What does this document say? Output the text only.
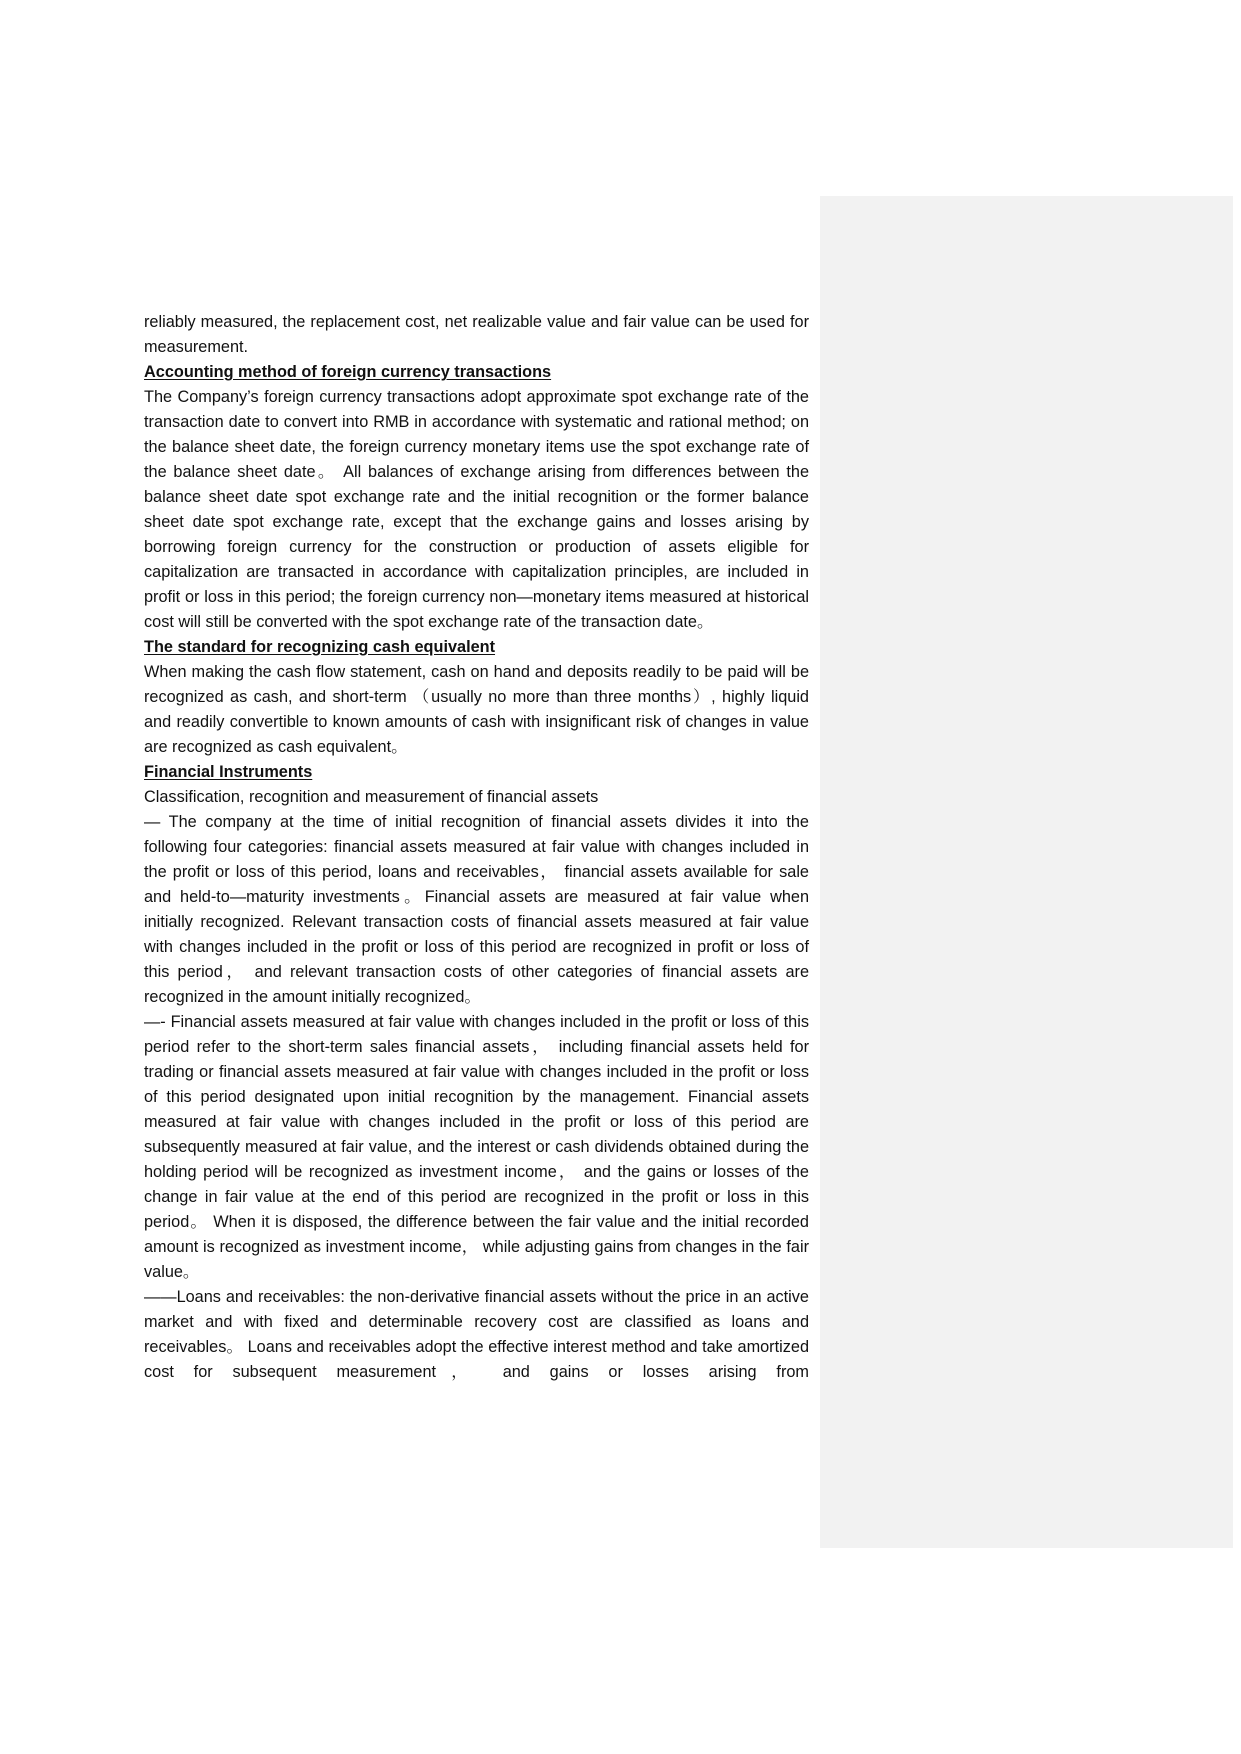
reliably measured, the replacement cost, net realizable value and fair value can be used for measurement.

Accounting method of foreign currency transactions

The Company’s foreign currency transactions adopt approximate spot exchange rate of the transaction date to convert into RMB in accordance with systematic and rational method; on the balance sheet date, the foreign currency monetary items use the spot exchange rate of the balance sheet date。 All balances of exchange arising from differences between the balance sheet date spot exchange rate and the initial recognition or the former balance sheet date spot exchange rate, except that the exchange gains and losses arising by borrowing foreign currency for the construction or production of assets eligible for capitalization are transacted in accordance with capitalization principles, are included in profit or loss in this period; the foreign currency non—monetary items measured at historical cost will still be converted with the spot exchange rate of the transaction date。

The standard for recognizing cash equivalent

When making the cash flow statement, cash on hand and deposits readily to be paid will be recognized as cash, and short-term （usually no more than three months）, highly liquid and readily convertible to known amounts of cash with insignificant risk of changes in value are recognized as cash equivalent。

Financial Instruments

Classification, recognition and measurement of financial assets

— The company at the time of initial recognition of financial assets divides it into the following four categories: financial assets measured at fair value with changes included in the profit or loss of this period, loans and receivables， financial assets available for sale and held-to—maturity investments。Financial assets are measured at fair value when initially recognized. Relevant transaction costs of financial assets measured at fair value with changes included in the profit or loss of this period are recognized in profit or loss of this period， and relevant transaction costs of other categories of financial assets are recognized in the amount initially recognized。

—- Financial assets measured at fair value with changes included in the profit or loss of this period refer to the short-term sales financial assets， including financial assets held for trading or financial assets measured at fair value with changes included in the profit or loss of this period designated upon initial recognition by the management. Financial assets measured at fair value with changes included in the profit or loss of this period are subsequently measured at fair value, and the interest or cash dividends obtained during the holding period will be recognized as investment income， and the gains or losses of the change in fair value at the end of this period are recognized in the profit or loss in this period。 When it is disposed, the difference between the fair value and the initial recorded amount is recognized as investment income， while adjusting gains from changes in the fair value。

——Loans and receivables: the non-derivative financial assets without the price in an active market and with fixed and determinable recovery cost are classified as loans and receivables。 Loans and receivables adopt the effective interest method and take amortized cost for subsequent measurement， and gains or losses arising from
